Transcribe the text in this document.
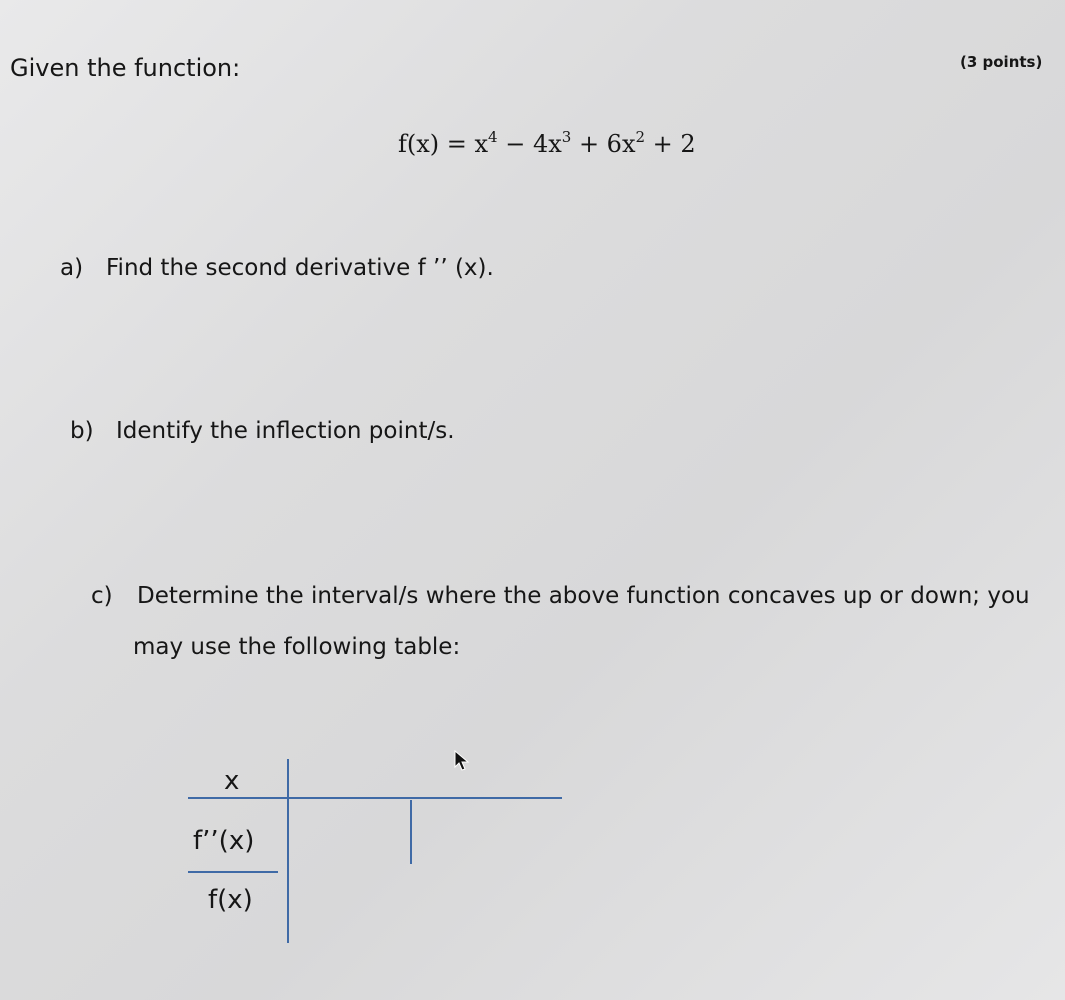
Given the function:	(3 points)
$f(x) = x^4 - 4x^3 + 6x^2 + 2$
a) Find the second derivative f ’’ (x).
b) Identify the inflection point/s.
c) Determine the interval/s where the above function concaves up or down; you
may use the following table:
x
f’’(x)
f(x)
